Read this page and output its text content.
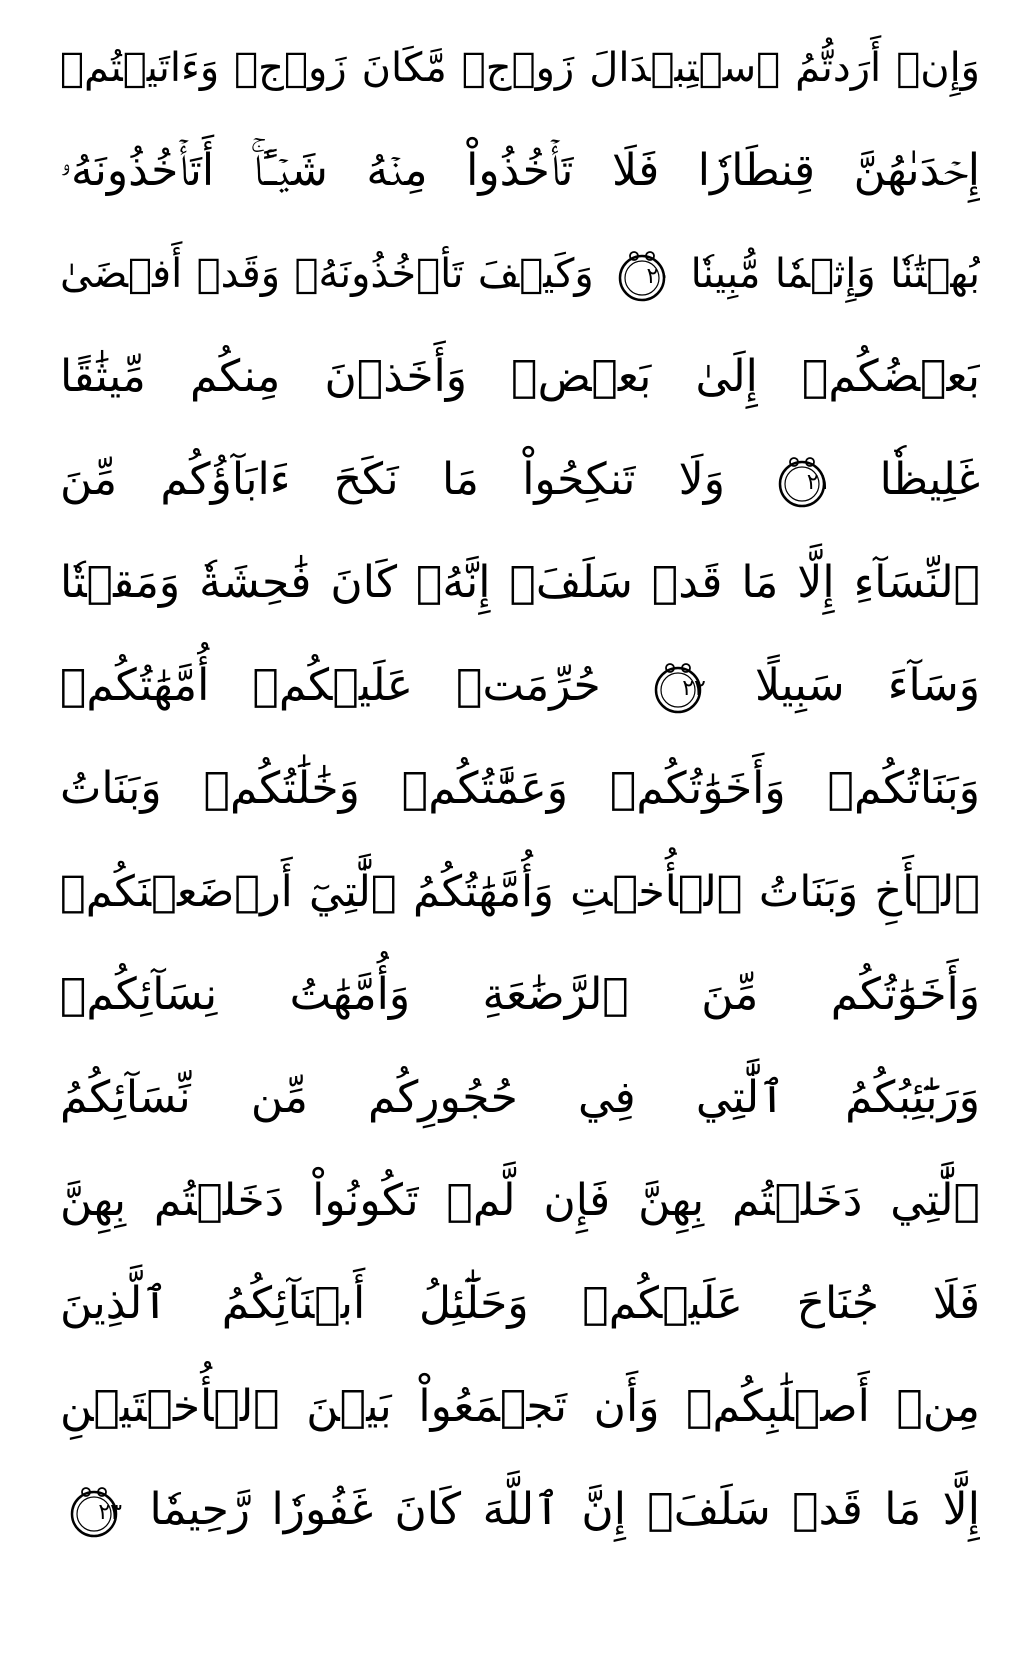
وَإِنۡ أَرَدتُّمُ ٱسۡتِبۡدَالَ زَوۡجٖ مَّكَانَ زَوۡجٖ وَءَاتَيۡتُمۡ
إِحۡدَىٰهُنَّ قِنطَارٗا فَلَا تَأۡخُذُواْ مِنۡهُ شَيۡـًٔاۚ أَتَأۡخُذُونَهُۥ
بُهۡتَٰنٗا وَإِثۡمٗا مُّبِينٗا
٢٠
وَكَيۡفَ تَأۡخُذُونَهُۥ وَقَدۡ أَفۡضَىٰ
بَعۡضُكُمۡ إِلَىٰ بَعۡضٖ وَأَخَذۡنَ مِنكُم مِّيثَٰقًا
غَلِيظٗا
٢١
وَلَا تَنكِحُواْ مَا نَكَحَ ءَابَآؤُكُم مِّنَ
ٱلنِّسَآءِ إِلَّا مَا قَدۡ سَلَفَۚ إِنَّهُۥ كَانَ فَٰحِشَةٗ وَمَقۡتٗا
وَسَآءَ سَبِيلًا
٢٢
حُرِّمَتۡ عَلَيۡكُمۡ أُمَّهَٰتُكُمۡ
وَبَنَاتُكُمۡ وَأَخَوَٰتُكُمۡ وَعَمَّٰتُكُمۡ وَخَٰلَٰتُكُمۡ وَبَنَاتُ
ٱلۡأَخِ وَبَنَاتُ ٱلۡأُخۡتِ وَأُمَّهَٰتُكُمُ ٱلَّٰتِيٓ أَرۡضَعۡنَكُمۡ
وَأَخَوَٰتُكُم مِّنَ ٱلرَّضَٰعَةِ وَأُمَّهَٰتُ نِسَآئِكُمۡ
وَرَبَٰٓئِبُكُمُ ٱلَّٰتِي فِي حُجُورِكُم مِّن نِّسَآئِكُمُ
ٱلَّٰتِي دَخَلۡتُم بِهِنَّ فَإِن لَّمۡ تَكُونُواْ دَخَلۡتُم بِهِنَّ
فَلَا جُنَاحَ عَلَيۡكُمۡ وَحَلَٰٓئِلُ أَبۡنَآئِكُمُ ٱلَّذِينَ
مِنۡ أَصۡلَٰبِكُمۡ وَأَن تَجۡمَعُواْ بَيۡنَ ٱلۡأُخۡتَيۡنِ
إِلَّا مَا قَدۡ سَلَفَۗ إِنَّ ٱللَّهَ كَانَ غَفُورٗا رَّحِيمٗا
٢٣
